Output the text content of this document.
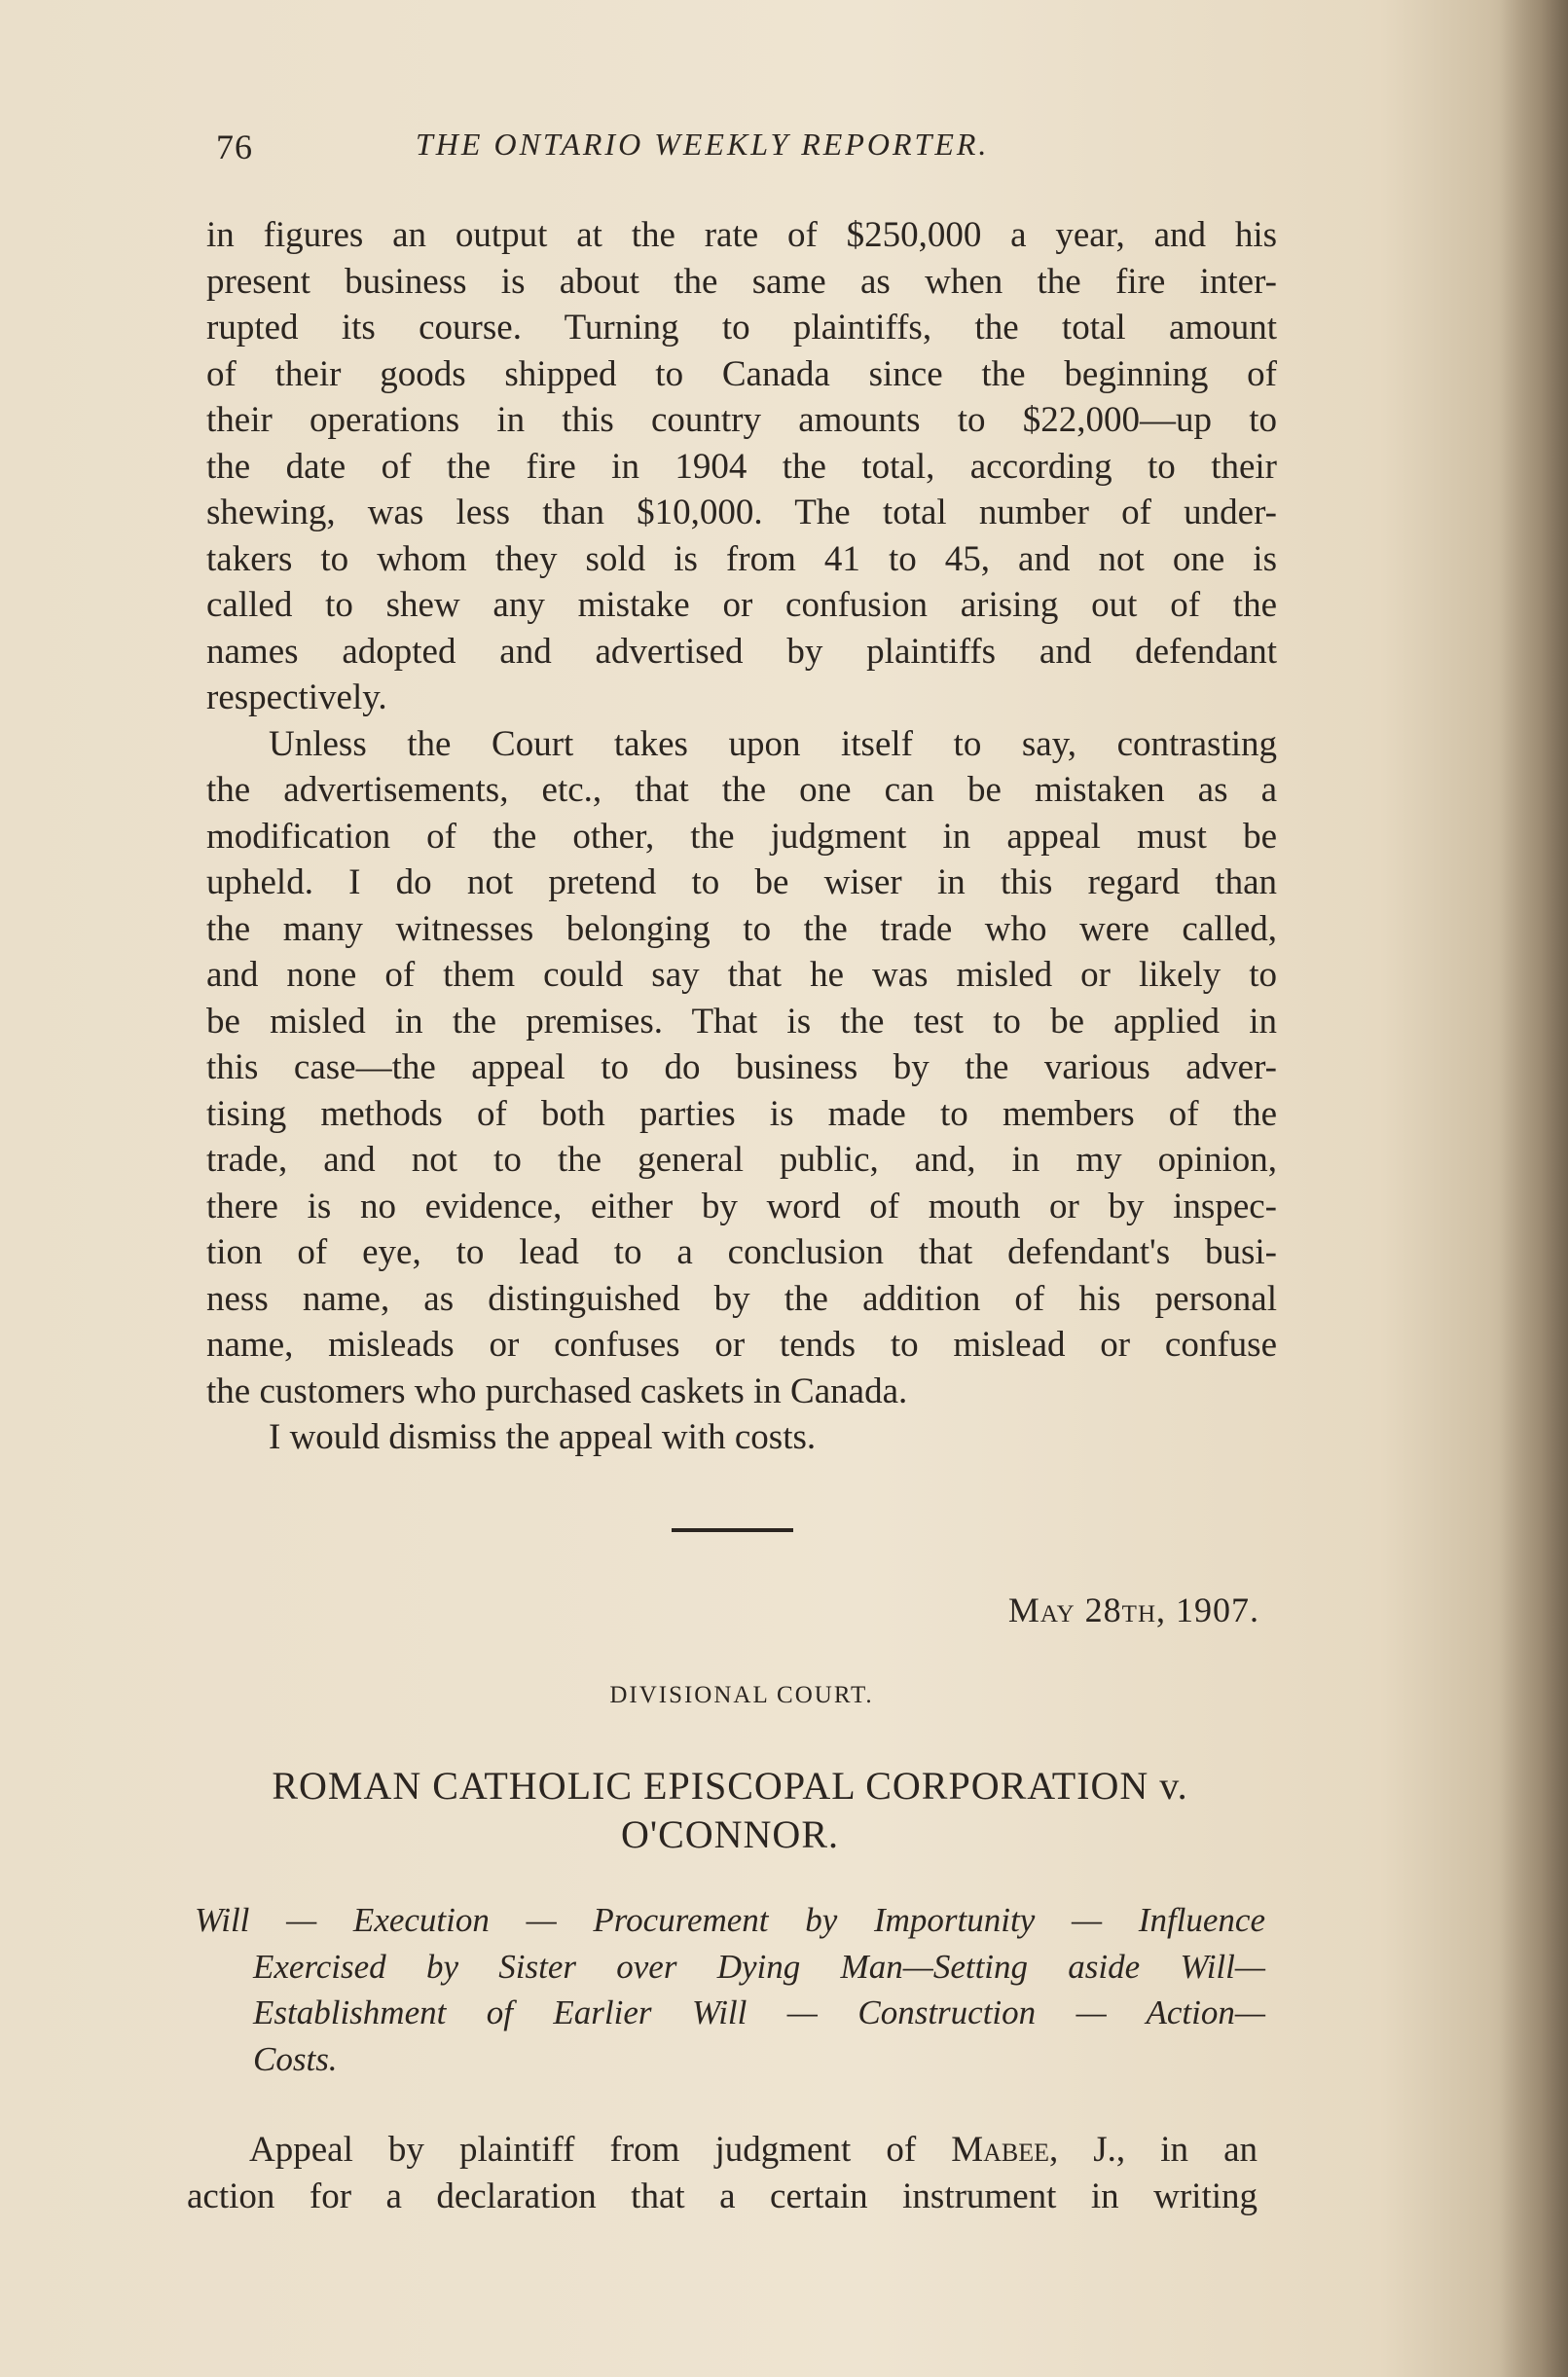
76	THE ONTARIO WEEKLY REPORTER.
in figures an output at the rate of $250,000 a year, and his
present business is about the same as when the fire inter-
rupted its course. Turning to plaintiffs, the total amount
of their goods shipped to Canada since the beginning of
their operations in this country amounts to $22,000—up to
the date of the fire in 1904 the total, according to their
shewing, was less than $10,000. The total number of under-
takers to whom they sold is from 41 to 45, and not one is
called to shew any mistake or confusion arising out of the
names adopted and advertised by plaintiffs and defendant
respectively.
Unless the Court takes upon itself to say, contrasting
the advertisements, etc., that the one can be mistaken as a
modification of the other, the judgment in appeal must be
upheld. I do not pretend to be wiser in this regard than
the many witnesses belonging to the trade who were called,
and none of them could say that he was misled or likely to
be misled in the premises. That is the test to be applied in
this case—the appeal to do business by the various adver-
tising methods of both parties is made to members of the
trade, and not to the general public, and, in my opinion,
there is no evidence, either by word of mouth or by inspec-
tion of eye, to lead to a conclusion that defendant's busi-
ness name, as distinguished by the addition of his personal
name, misleads or confuses or tends to mislead or confuse
the customers who purchased caskets in Canada.
I would dismiss the appeal with costs.
May 28th, 1907.
DIVISIONAL COURT.
ROMAN CATHOLIC EPISCOPAL CORPORATION v.
O'CONNOR.
Will — Execution — Procurement by Importunity — Influence
Exercised by Sister over Dying Man—Setting aside Will—
Establishment of Earlier Will — Construction — Action—
Costs.
Appeal by plaintiff from judgment of Mabee, J., in an
action for a declaration that a certain instrument in writing
